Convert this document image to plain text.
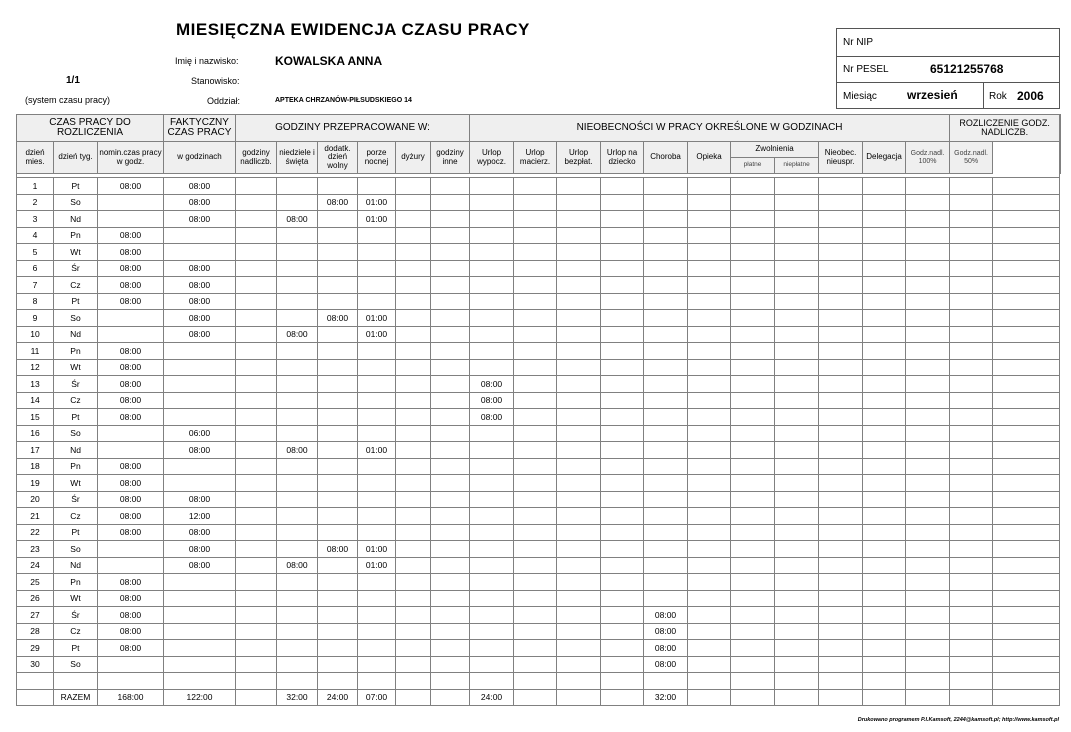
MIESIĘCZNA EWIDENCJA CZASU PRACY
Imię i nazwisko:	KOWALSKA ANNA
1/1	Stanowisko:
(system czasu pracy)	Oddział:	APTEKA CHRZANÓW-PIŁSUDSKIEGO 14
Nr NIP
Nr PESEL	65121255768
Miesiąc	wrzesień	Rok 2006
CZAS PRACY DO ROZLICZENIA			FAKTYCZNY CZAS PRACY	GODZINY PRZEPRACOWANE W:						NIEOBECNOŚCI W PRACY OKREŚLONE W GODZINACH											ROZLICZENIE GODZ. NADLICZB.	
dzień mies.	dzień tyg.	nomin.czas pracy w godz.	w godzinach	godziny nadliczb.	niedziele i święta	dodatk. dzień wolny	porze nocnej	dyżury	godziny inne	Urlop wypocz.	Urlop macierz.	Urlop bezpłat.	Urlop na dziecko	Choroba	Opieka	Zwolnienia		Nieobec. nieuspr.	Delegacja	Godz.nadl. 100%	Godz.nadl. 50%		
																płatne	niepłatne						

1	Pt	08:00	08:00																				
2	So		08:00			08:00	01:00																
3	Nd		08:00		08:00		01:00																
4	Pn	08:00																					
5	Wt	08:00																					
6	Śr	08:00	08:00																				
7	Cz	08:00	08:00																				
8	Pt	08:00	08:00																				
9	So		08:00			08:00	01:00																
10	Nd		08:00		08:00		01:00																
11	Pn	08:00																					
12	Wt	08:00																					
13	Śr	08:00								08:00													
14	Cz	08:00								08:00													
15	Pt	08:00								08:00													
16	So		06:00																				
17	Nd		08:00		08:00		01:00																
18	Pn	08:00																					
19	Wt	08:00																					
20	Śr	08:00	08:00																				
21	Cz	08:00	12:00																				
22	Pt	08:00	08:00																				
23	So		08:00			08:00	01:00																
24	Nd		08:00		08:00		01:00																
25	Pn	08:00																					
26	Wt	08:00																					
27	Śr	08:00												08:00									
28	Cz	08:00												08:00									
29	Pt	08:00												08:00									
30	So													08:00									

	RAZEM	168:00	122:00		32:00	24:00	07:00			24:00				32:00									
Drukowano programem P.I.Kamsoft, 2244@kamsoft.pl; http://www.kamsoft.pl
